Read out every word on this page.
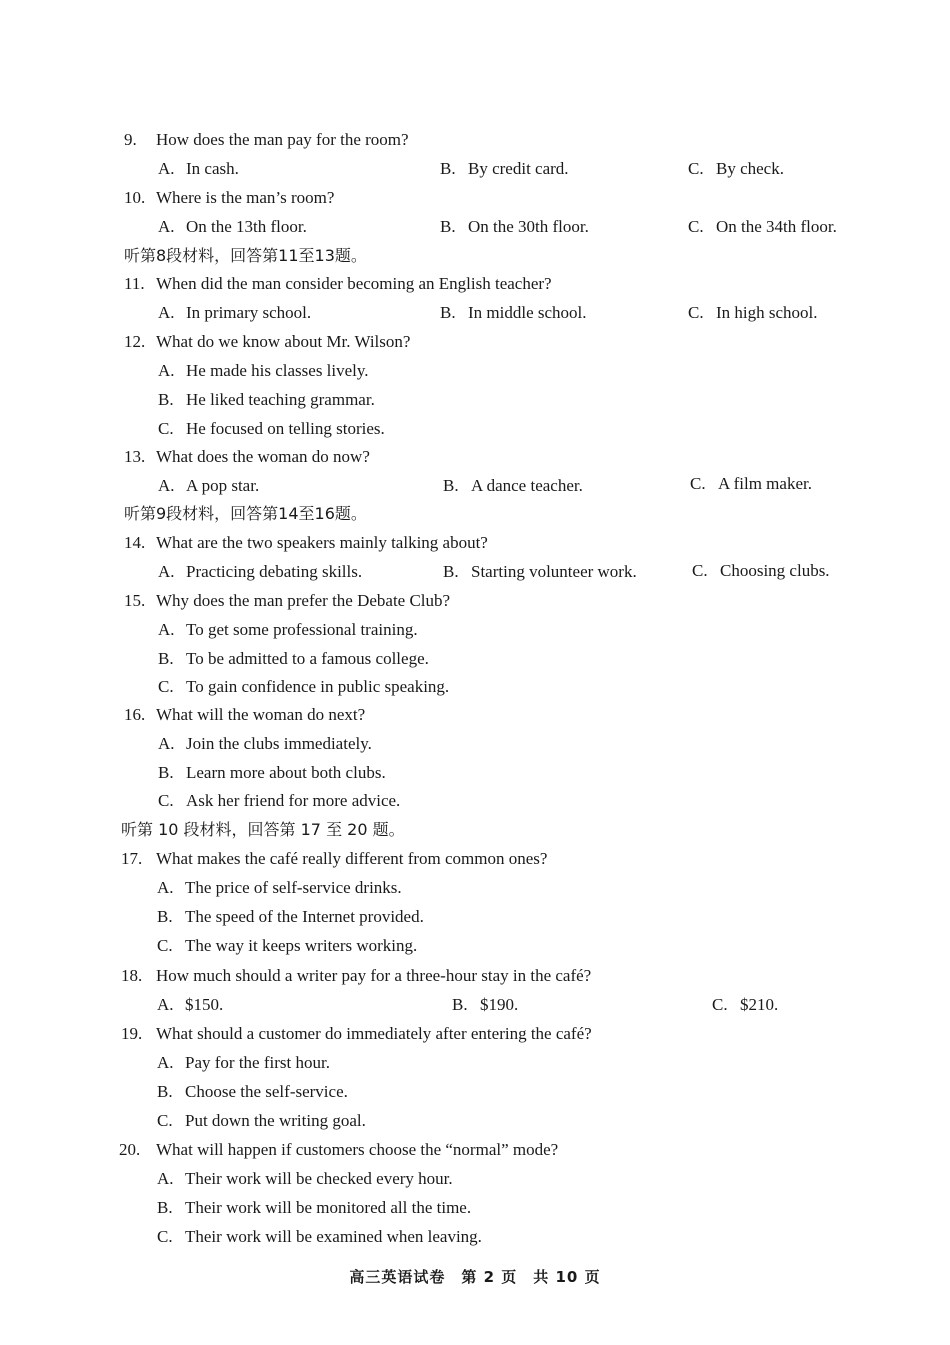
9. How does the man pay for the room?
A. In cash.	B. By credit card.	C. By check.
10. Where is the man’s room?
A. On the 13th floor.	B. On the 30th floor.	C. On the 34th floor.
听第8段材料，回答第11至13题。
11. When did the man consider becoming an English teacher?
A. In primary school.	B. In middle school.	C. In high school.
12. What do we know about Mr. Wilson?
A. He made his classes lively.
B. He liked teaching grammar.
C. He focused on telling stories.
13. What does the woman do now?
A. A pop star.	B. A dance teacher.	C. A film maker.
听第9段材料，回答第14至16题。
14. What are the two speakers mainly talking about?
A. Practicing debating skills.	B. Starting volunteer work.	C. Choosing clubs.
15. Why does the man prefer the Debate Club?
A. To get some professional training.
B. To be admitted to a famous college.
C. To gain confidence in public speaking.
16. What will the woman do next?
A. Join the clubs immediately.
B. Learn more about both clubs.
C. Ask her friend for more advice.
听第 10 段材料，回答第 17 至 20 题。
17. What makes the café really different from common ones?
A. The price of self-service drinks.
B. The speed of the Internet provided.
C. The way it keeps writers working.
18. How much should a writer pay for a three-hour stay in the café?
A. $150.	B. $190.	C. $210.
19. What should a customer do immediately after entering the café?
A. Pay for the first hour.
B. Choose the self-service.
C. Put down the writing goal.
20. What will happen if customers choose the “normal” mode?
A. Their work will be checked every hour.
B. Their work will be monitored all the time.
C. Their work will be examined when leaving.
高三英语试卷　第 2 页　共 10 页
